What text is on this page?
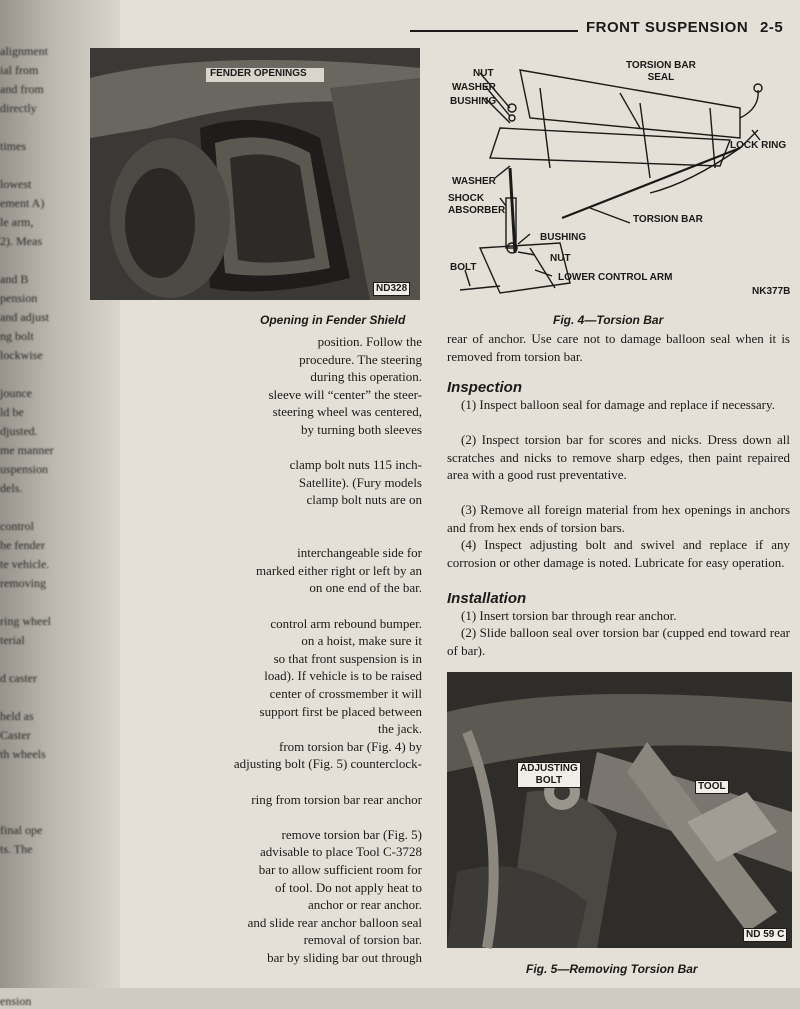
FRONT SUSPENSION 2-5
alignment
ial from
and from
directly
times
lowest
ement A)
le arm,
2). Meas
and B
pension
and adjust
ng bolt
lockwise
jounce
ld be
djusted.
me manner
uspension
dels.
control
he fender
te vehicle.
removing
ring wheel
terial
d caster
held as
Caster
th wheels
final ope
ts. The
ension
FENDER OPENINGS
ND328
Opening in Fender Shield
NUT
WASHER
BUSHING
TORSION BAR
SEAL
LOCK RING
WASHER
SHOCK
ABSORBER
TORSION BAR
BUSHING
NUT
BOLT
LOWER CONTROL ARM
NK377B
Fig. 4—Torsion Bar
rear of anchor. Use care not to damage balloon seal when it is removed from torsion bar.
Inspection
(1) Inspect balloon seal for damage and replace if necessary.
(2) Inspect torsion bar for scores and nicks. Dress down all scratches and nicks to remove sharp edges, then paint repaired area with a good rust preventative.
(3) Remove all foreign material from hex openings in anchors and from hex ends of torsion bars.
(4) Inspect adjusting bolt and swivel and replace if any corrosion or other damage is noted. Lubricate for easy operation.
Installation
(1) Insert torsion bar through rear anchor.
(2) Slide balloon seal over torsion bar (cupped end toward rear of bar).
ADJUSTING
BOLT
TOOL
ND 59 C
Fig. 5—Removing Torsion Bar
position. Follow the
procedure. The steering
during this operation.
sleeve will “center” the steer-
steering wheel was centered,
by turning both sleeves
clamp bolt nuts 115 inch-
Satellite). (Fury models
clamp bolt nuts are on
interchangeable side for
marked either right or left by an
on one end of the bar.
control arm rebound bumper.
on a hoist, make sure it
so that front suspension is in
load). If vehicle is to be raised
center of crossmember it will
support first be placed between
the jack.
from torsion bar (Fig. 4) by
adjusting bolt (Fig. 5) counterclock-
ring from torsion bar rear anchor
remove torsion bar (Fig. 5)
advisable to place Tool C-3728
bar to allow sufficient room for
of tool. Do not apply heat to
anchor or rear anchor.
and slide rear anchor balloon seal
removal of torsion bar.
bar by sliding bar out through
